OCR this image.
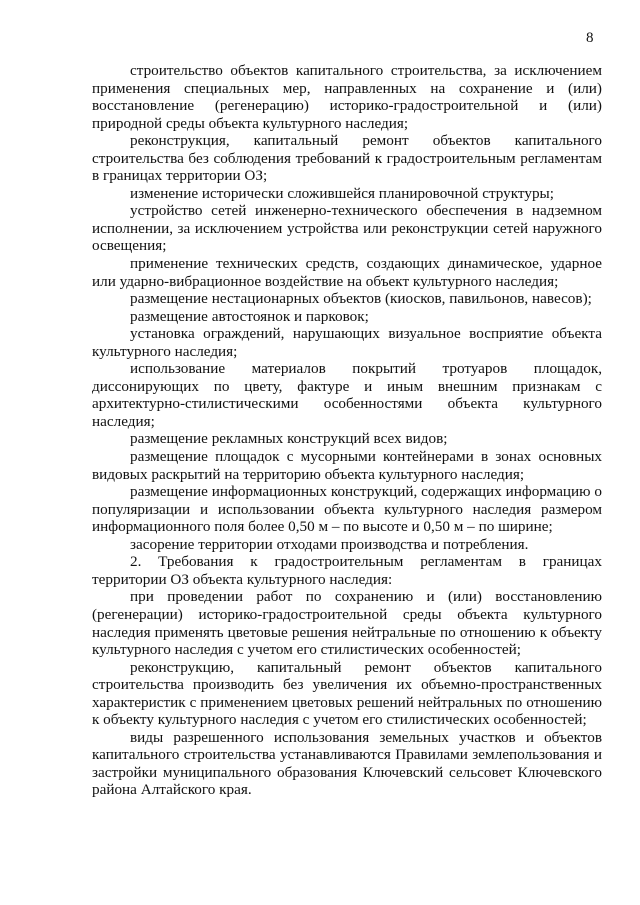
8

строительство объектов капитального строительства, за исключением применения специальных мер, направленных на сохранение и (или) восстановление (регенерацию) историко-градостроительной и (или) природной среды объекта культурного наследия;

реконструкция, капитальный ремонт объектов капитального строительства без соблюдения требований к градостроительным регламентам в границах территории ОЗ;

изменение исторически сложившейся планировочной структуры;

устройство сетей инженерно-технического обеспечения в надземном исполнении, за исключением устройства или реконструкции сетей наружного освещения;

применение технических средств, создающих динамическое, ударное или ударно-вибрационное воздействие на объект культурного наследия;

размещение нестационарных объектов (киосков, павильонов, навесов);

размещение автостоянок и парковок;

установка ограждений, нарушающих визуальное восприятие объекта культурного наследия;

использование материалов покрытий тротуаров площадок, диссонирующих по цвету, фактуре и иным внешним признакам с архитектурно-стилистическими особенностями объекта культурного наследия;

размещение рекламных конструкций всех видов;

размещение площадок с мусорными контейнерами в зонах основных видовых раскрытий на территорию объекта культурного наследия;

размещение информационных конструкций, содержащих информацию о популяризации и использовании объекта культурного наследия размером информационного поля более 0,50 м – по высоте и 0,50 м – по ширине;

засорение территории отходами производства и потребления.

2. Требования к градостроительным регламентам в границах территории ОЗ объекта культурного наследия:

при проведении работ по сохранению и (или) восстановлению (регенерации) историко-градостроительной среды объекта культурного наследия применять цветовые решения нейтральные по отношению к объекту культурного наследия с учетом его стилистических особенностей;

реконструкцию, капитальный ремонт объектов капитального строительства производить без увеличения их объемно-пространственных характеристик с применением цветовых решений нейтральных по отношению к объекту культурного наследия с учетом его стилистических особенностей;

виды разрешенного использования земельных участков и объектов капитального строительства устанавливаются Правилами землепользования и застройки муниципального образования Ключевский сельсовет Ключевского района Алтайского края.
